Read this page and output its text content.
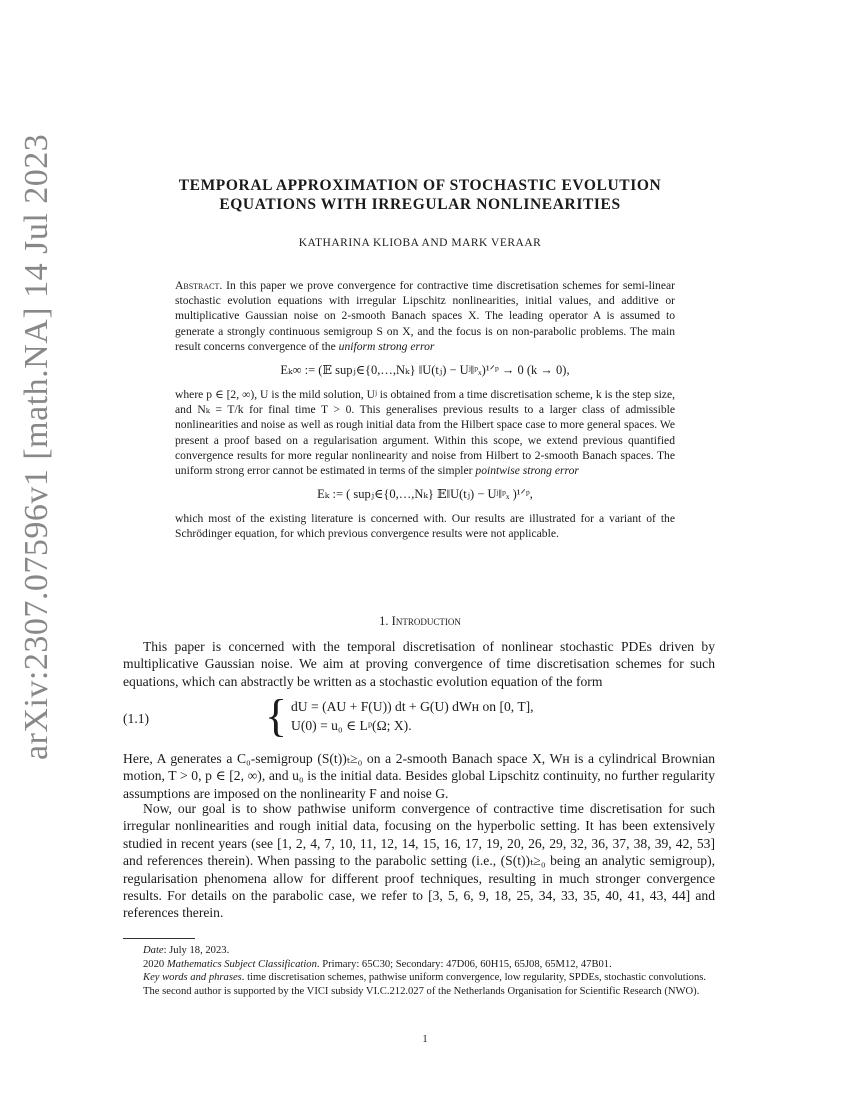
arXiv:2307.07596v1 [math.NA] 14 Jul 2023	TEMPORAL APPROXIMATION OF STOCHASTIC EVOLUTION
EQUATIONS WITH IRREGULAR NONLINEARITIES
KATHARINA KLIOBA AND MARK VERAAR
Abstract. In this paper we prove convergence for contractive time discretisation schemes for semi-linear stochastic evolution equations with irregular Lipschitz nonlinearities, initial values, and additive or multiplicative Gaussian noise on 2-smooth Banach spaces X. The leading operator A is assumed to generate a strongly continuous semigroup S on X, and the focus is on non-parabolic problems. The main result concerns convergence of the uniform strong error
Eₖ∞ := (𝔼 supⱼ∈{0,…,Nₖ} ‖U(tⱼ) − Uʲ‖ᵖₓ)¹ᐟᵖ → 0 (k → 0),
where p ∈ [2, ∞), U is the mild solution, Uʲ is obtained from a time discretisation scheme, k is the step size, and Nₖ = T/k for final time T > 0. This generalises previous results to a larger class of admissible nonlinearities and noise as well as rough initial data from the Hilbert space case to more general spaces. We present a proof based on a regularisation argument. Within this scope, we extend previous quantified convergence results for more regular nonlinearity and noise from Hilbert to 2-smooth Banach spaces. The uniform strong error cannot be estimated in terms of the simpler pointwise strong error
Eₖ := ( supⱼ∈{0,…,Nₖ} 𝔼‖U(tⱼ) − Uʲ‖ᵖₓ )¹ᐟᵖ,
which most of the existing literature is concerned with. Our results are illustrated for a variant of the Schrödinger equation, for which previous convergence results were not applicable.
1. Introduction

This paper is concerned with the temporal discretisation of nonlinear stochastic PDEs driven by multiplicative Gaussian noise. We aim at proving convergence of time discretisation schemes for such equations, which can abstractly be written as a stochastic evolution equation of the form

(1.1)	{ dU = (AU + F(U)) dt + G(U) dWʜ on [0, T],
U(0) = u₀ ∈ Lᵖ(Ω; X).

Here, A generates a C₀-semigroup (S(t))ₜ≥₀ on a 2-smooth Banach space X, Wʜ is a cylindrical Brownian motion, T > 0, p ∈ [2, ∞), and u₀ is the initial data. Besides global Lipschitz continuity, no further regularity assumptions are imposed on the nonlinearity F and noise G.

Now, our goal is to show pathwise uniform convergence of contractive time discretisation for such irregular nonlinearities and rough initial data, focusing on the hyperbolic setting. It has been extensively studied in recent years (see [1, 2, 4, 7, 10, 11, 12, 14, 15, 16, 17, 19, 20, 26, 29, 32, 36, 37, 38, 39, 42, 53] and references therein). When passing to the parabolic setting (i.e., (S(t))ₜ≥₀ being an analytic semigroup), regularisation phenomena allow for different proof techniques, resulting in much stronger convergence results. For details on the parabolic case, we refer to [3, 5, 6, 9, 18, 25, 34, 33, 35, 40, 41, 43, 44] and references therein.

Date: July 18, 2023.

2020 Mathematics Subject Classification. Primary: 65C30; Secondary: 47D06, 60H15, 65J08, 65M12, 47B01.

Key words and phrases. time discretisation schemes, pathwise uniform convergence, low regularity, SPDEs, stochastic convolutions.

The second author is supported by the VICI subsidy VI.C.212.027 of the Netherlands Organisation for Scientific Research (NWO).

1
